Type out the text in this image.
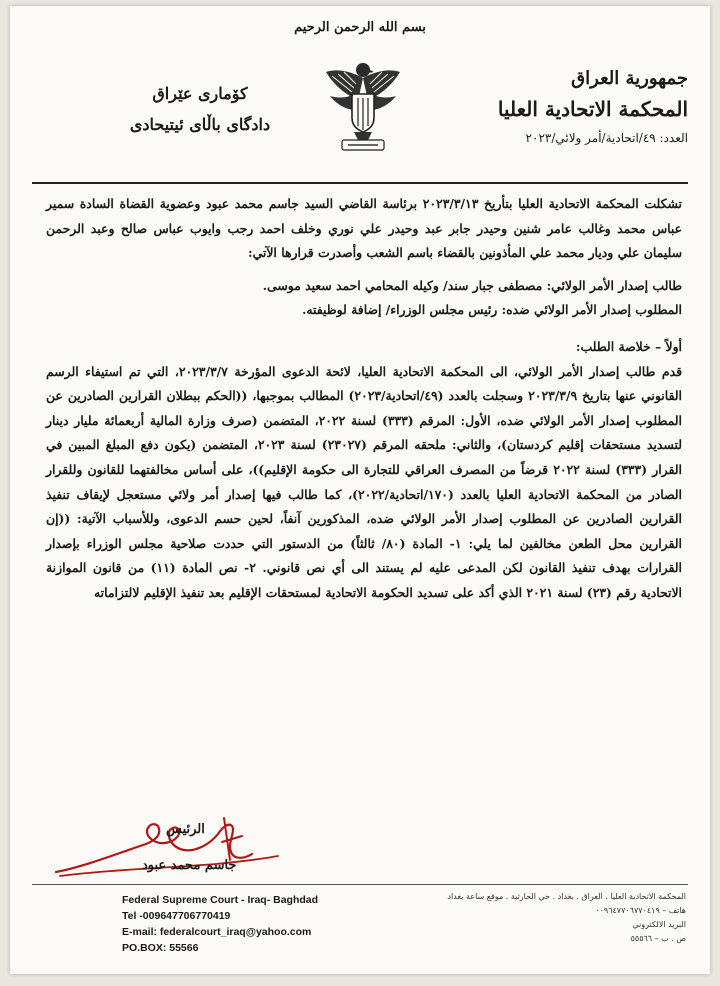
بسم الله الرحمن الرحيم
جمهورية العراق
المحكمة الاتحادية العليا
العدد: ٤٩/اتحادية/أمر ولائي/٢٠٢٣
كۆمارى عێراق
دادگاى باڵاى ئیتیحادى

تشكلت المحكمة الاتحادية العليا بتأريخ ٢٠٢٣/٣/١٣ برئاسة القاضي السيد جاسم محمد عبود وعضوية القضاة السادة سمير عباس محمد وغالب عامر شنين وحيدر جابر عبد وحيدر علي نوري وخلف احمد رجب وايوب عباس صالح وعبد الرحمن سليمان علي وديار محمد علي المأذونين بالقضاء باسم الشعب وأصدرت قرارها الآتي:

طالب إصدار الأمر الولائي: مصطفى جبار سند/ وكيله المحامي احمد سعيد موسى.

المطلوب إصدار الأمر الولائي ضده: رئيس مجلس الوزراء/ إضافة لوظيفته.

أولاً – خلاصة الطلب:

قدم طالب إصدار الأمر الولائي، الى المحكمة الاتحادية العليا، لائحة الدعوى المؤرخة ٢٠٢٣/٣/٧، التي تم استيفاء الرسم القانوني عنها بتاريخ ٢٠٢٣/٣/٩ وسجلت بالعدد (٤٩/اتحادية/٢٠٢٣) المطالب بموجبها، ((الحكم ببطلان القرارين الصادرين عن المطلوب إصدار الأمر الولائي ضده، الأول: المرقم (٣٣٣) لسنة ٢٠٢٢، المتضمن (صرف وزارة المالية أربعمائة مليار دينار لتسديد مستحقات إقليم كردستان)، والثاني: ملحقه المرقم (٢٣٠٢٧) لسنة ٢٠٢٣، المتضمن (يكون دفع المبلغ المبين في القرار (٣٣٣) لسنة ٢٠٢٢ قرضاً من المصرف العراقي للتجارة الى حكومة الإقليم))، على أساس مخالفتهما للقانون وللقرار الصادر من المحكمة الاتحادية العليا بالعدد (١٧٠/اتحادية/٢٠٢٢)، كما طالب فيها إصدار أمر ولائي مستعجل لإيقاف تنفيذ القرارين الصادرين عن المطلوب إصدار الأمر الولائي ضده، المذكورين آنفاً، لحين حسم الدعوى، وللأسباب الآتية: ((إن القرارين محل الطعن مخالفين لما يلي: ١- المادة (٨٠/ ثالثاً) من الدستور التي حددت صلاحية مجلس الوزراء بإصدار القرارات بهدف تنفيذ القانون لكن المدعى عليه لم يستند الى أي نص قانوني. ٢- نص المادة (١١) من قانون الموازنة الاتحادية رقم (٢٣) لسنة ٢٠٢١ الذي أكد على تسديد الحكومة الاتحادية لمستحقات الإقليم بعد تنفيذ الإقليم لالتزاماته

الرئيس
جاسم محمد عبود
Federal Supreme Court - Iraq- Baghdad
Tel -009647706770419
E-mail: federalcourt_iraq@yahoo.com
PO.BOX: 55566
المحكمة الاتحادية العليا . العراق . بغداد . حي الحارثية . موقع ساعة بغداد
هاتف – ٠٠٩٦٤٧٧٠٦٧٧٠٤١٩
البريد الالكتروني
ص . ب – ٥٥٥٦٦
